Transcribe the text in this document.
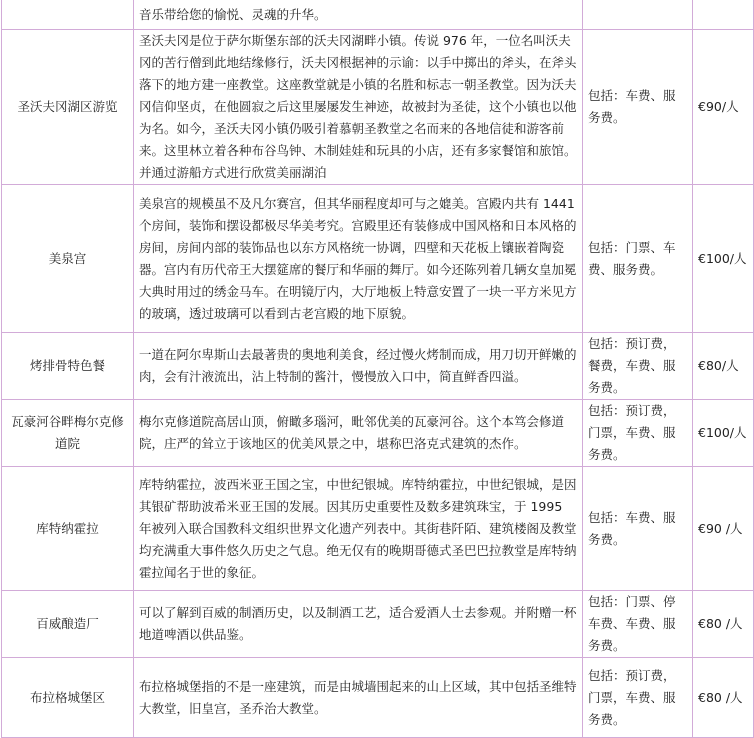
	音乐带给您的愉悦、灵魂的升华。		
圣沃夫冈湖区游览	圣沃夫冈是位于萨尔斯堡东部的沃夫冈湖畔小镇。传说 976 年，一位名叫沃夫冈的苦行僧到此地结缘修行，沃夫冈根据神的示谕：以手中掷出的斧头，在斧头落下的地方建一座教堂。这座教堂就是小镇的名胜和标志一朝圣教堂。因为沃夫冈信仰坚贞，在他圆寂之后这里屡屡发生神迹，故被封为圣徒，这个小镇也以他为名。如今，圣沃夫冈小镇仍吸引着慕朝圣教堂之名而来的各地信徒和游客前来。这里林立着各种布谷鸟钟、木制娃娃和玩具的小店，还有多家餐馆和旅馆。并通过游船方式进行欣赏美丽湖泊	包括：车费、服务费。	€90/人
美泉宫	美泉宫的规模虽不及凡尔赛宫，但其华丽程度却可与之媲美。宫殿内共有 1441 个房间，装饰和摆设都极尽华美考究。宫殿里还有装修成中国风格和日本风格的房间，房间内部的装饰品也以东方风格统一协调，四壁和天花板上镶嵌着陶瓷器。宫内有历代帝王大摆筵席的餐厅和华丽的舞厅。如今还陈列着几辆女皇加冕大典时用过的绣金马车。在明镜厅内，大厅地板上特意安置了一块一平方米见方的玻璃，透过玻璃可以看到古老宫殿的地下原貌。	包括：门票、车费、服务费。	€100/人
烤排骨特色餐	一道在阿尔卑斯山去最著贵的奥地利美食，经过慢火烤制而成，用刀切开鲜嫩的肉，会有汁液流出，沾上特制的酱汁，慢慢放入口中，简直鲜香四溢。	包括：预订费，餐费，车费、服务费。	€80/人
瓦豪河谷畔梅尔克修道院	梅尔克修道院高居山顶，俯瞰多瑙河，毗邻优美的瓦豪河谷。这个本笃会修道院，庄严的耸立于该地区的优美风景之中，堪称巴洛克式建筑的杰作。	包括：预订费，门票，车费、服务费。	€100/人
库特纳霍拉	库特纳霍拉，波西米亚王国之宝，中世纪银城。库特纳霍拉，中世纪银城，是因其银矿帮助波希米亚王国的发展。因其历史重要性及数多建筑珠宝，于 1995 年被列入联合国教科文组织世界文化遗产列表中。其街巷阡陌、建筑楼阁及教堂均充满重大事件悠久历史之气息。绝无仅有的晚期哥德式圣巴巴拉教堂是库特纳霍拉闻名于世的象征。	包括：车费、服务费。	€90 /人
百威酿造厂	可以了解到百威的制酒历史，以及制酒工艺，适合爱酒人士去参观。并附赠一杯地道啤酒以供品鉴。	包括：门票、停车费、车费、服务费。	€80 /人
布拉格城堡区	布拉格城堡指的不是一座建筑，而是由城墙围起来的山上区域，其中包括圣维特大教堂，旧皇宫，圣乔治大教堂。	包括：预订费，门票，车费、服务费。	€80 /人
